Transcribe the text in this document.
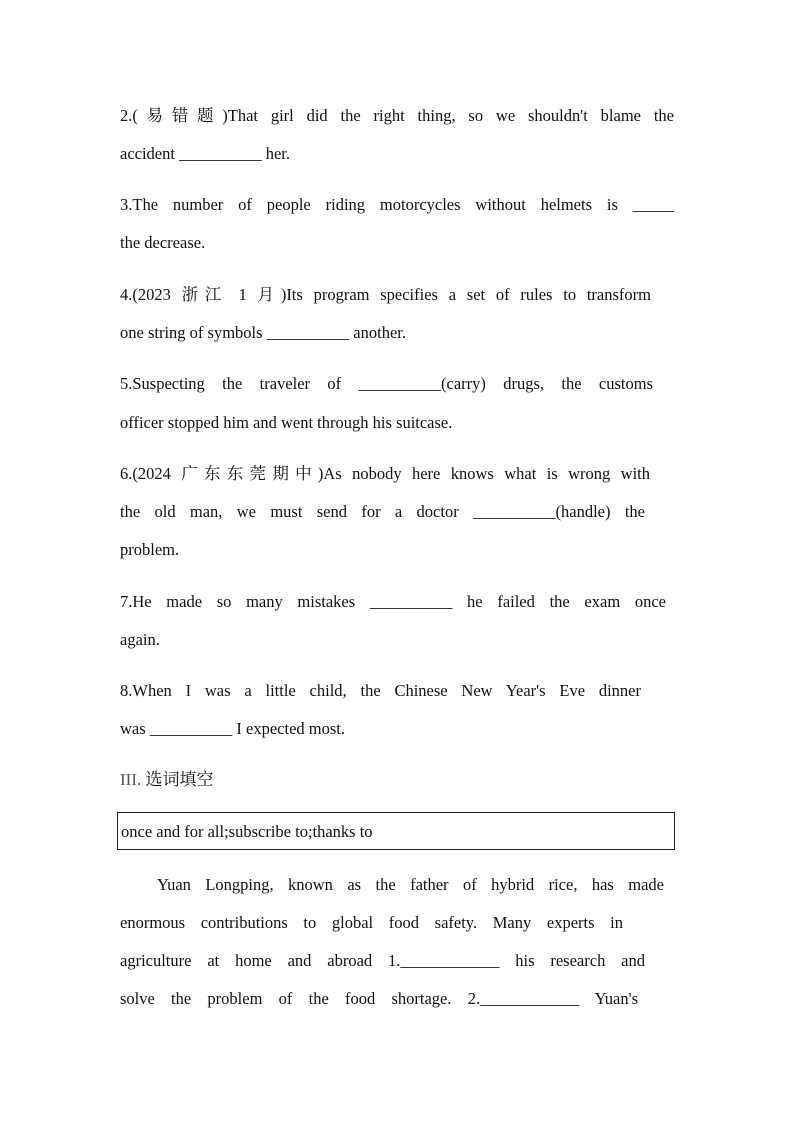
2.(易错题)That girl did the right thing, so we shouldn't blame the
accident __________ her.
3.The number of people riding motorcycles without helmets is _____
the decrease.
4.(2023 浙江 1 月)Its program specifies a set of rules to transform
one string of symbols __________ another.
5.Suspecting the traveler of __________(carry) drugs, the customs
officer stopped him and went through his suitcase.
6.(2024 广东东莞期中)As nobody here knows what is wrong with
the old man, we must send for a doctor __________(handle) the
problem.
7.He made so many mistakes __________ he failed the exam once
again.
8.When I was a little child, the Chinese New Year's Eve dinner
was __________ I expected most.
III. 选词填空
once and for all;subscribe to;thanks to
Yuan Longping, known as the father of hybrid rice, has made
enormous contributions to global food safety. Many experts in
agriculture at home and abroad 1.____________ his research and
solve the problem of the food shortage. 2.____________ Yuan's
